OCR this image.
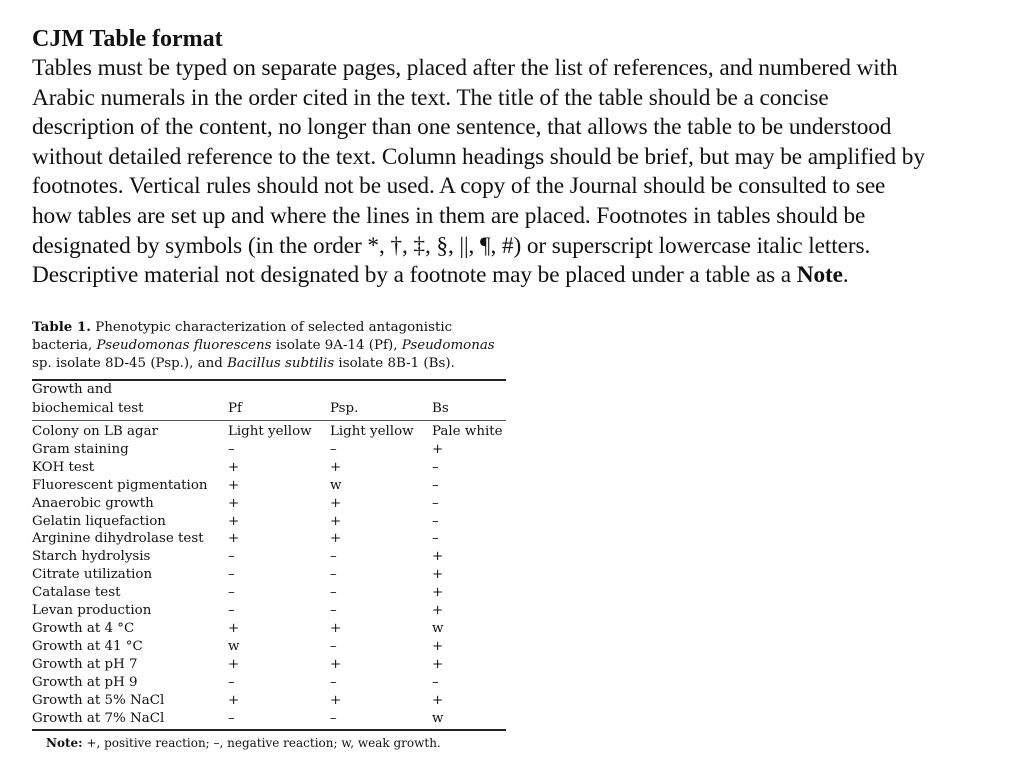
CJM Table format

Tables must be typed on separate pages, placed after the list of references, and numbered with
Arabic numerals in the order cited in the text. The title of the table should be a concise
description of the content, no longer than one sentence, that allows the table to be understood
without detailed reference to the text. Column headings should be brief, but may be amplified by
footnotes. Vertical rules should not be used. A copy of the Journal should be consulted to see
how tables are set up and where the lines in them are placed. Footnotes in tables should be
designated by symbols (in the order *, †, ‡, §, ||, ¶, #) or superscript lowercase italic letters.
Descriptive material not designated by a footnote may be placed under a table as a Note.

Table 1. Phenotypic characterization of selected antagonistic bacteria, Pseudomonas fluorescens isolate 9A-14 (Pf), Pseudomonas sp. isolate 8D-45 (Psp.), and Bacillus subtilis isolate 8B-1 (Bs).

Growth and			
biochemical test	Pf	Psp.	Bs

Colony on LB agar	Light yellow	Light yellow	Pale white
Gram staining	–	–	+
KOH test	+	+	–
Fluorescent pigmentation	+	w	–
Anaerobic growth	+	+	–
Gelatin liquefaction	+	+	–
Arginine dihydrolase test	+	+	–
Starch hydrolysis	–	–	+
Citrate utilization	–	–	+
Catalase test	–	–	+
Levan production	–	–	+
Growth at 4 °C	+	+	w
Growth at 41 °C	w	–	+
Growth at pH 7	+	+	+
Growth at pH 9	–	–	–
Growth at 5% NaCl	+	+	+
Growth at 7% NaCl	–	–	w

Note: +, positive reaction; –, negative reaction; w, weak growth.
